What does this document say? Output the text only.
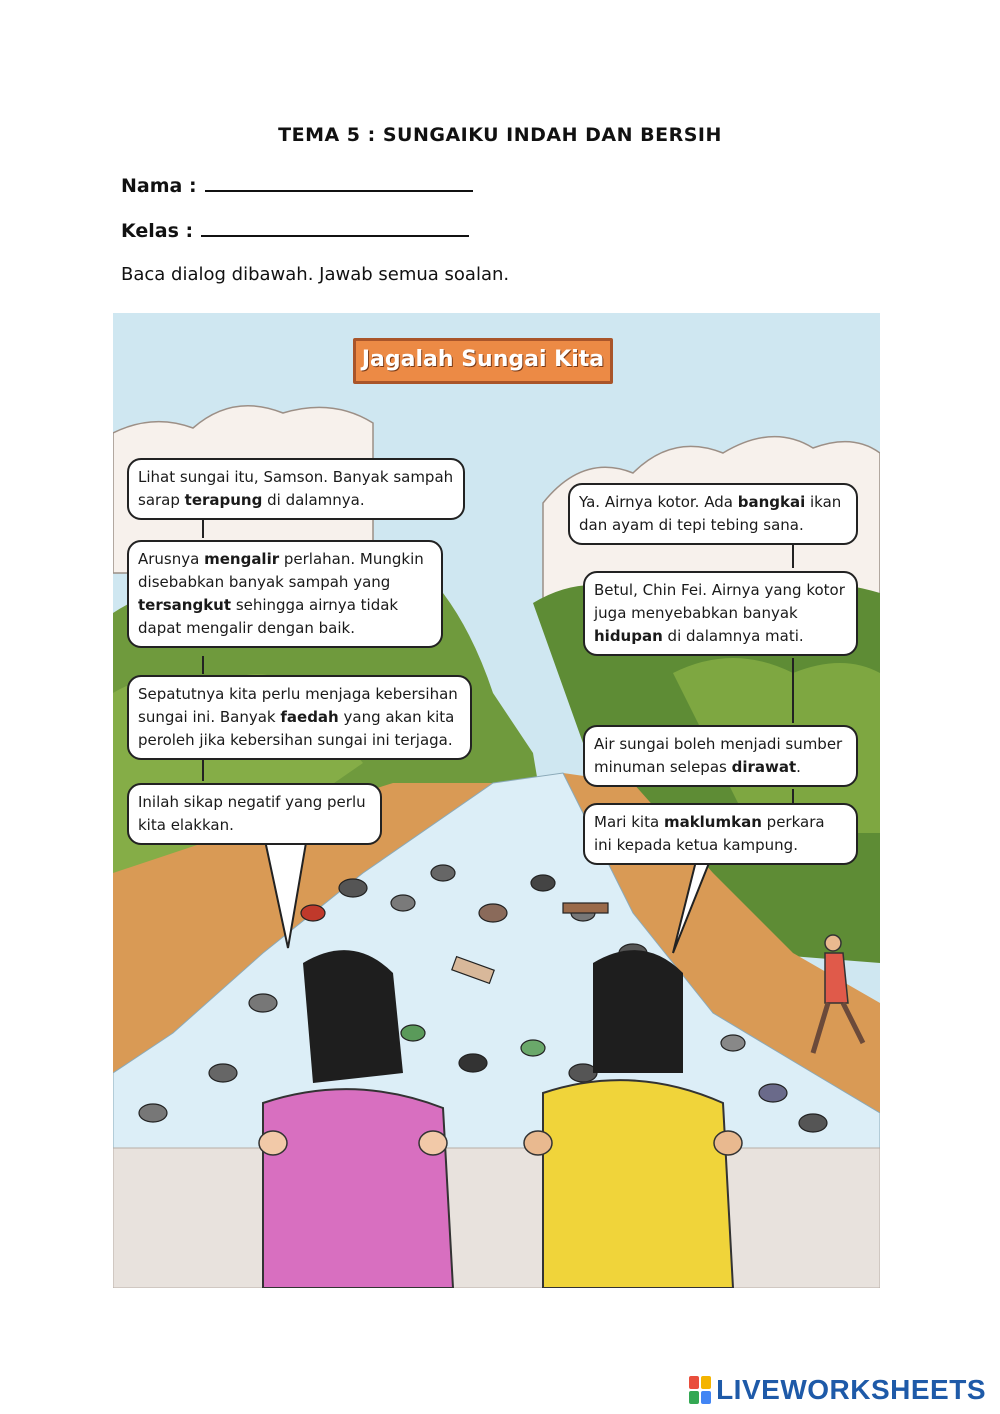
TEMA 5 : SUNGAIKU INDAH DAN BERSIH
Nama :
Kelas :
Baca dialog dibawah. Jawab semua soalan.
Jagalah Sungai Kita
Lihat sungai itu, Samson. Banyak sampah sarap terapung di dalamnya.	Ya. Airnya kotor. Ada bangkai ikan dan ayam di tepi tebing sana.
Arusnya mengalir perlahan. Mungkin disebabkan banyak sampah yang tersangkut sehingga airnya tidak dapat mengalir dengan baik.
Betul, Chin Fei. Airnya yang kotor juga menyebabkan banyak hidupan di dalamnya mati.
Sepatutnya kita perlu menjaga kebersihan sungai ini. Banyak faedah yang akan kita peroleh jika kebersihan sungai ini terjaga.	Air sungai boleh menjadi sumber minuman selepas dirawat.
Inilah sikap negatif yang perlu kita elakkan.	Mari kita maklumkan perkara ini kepada ketua kampung.
LIVEWORKSHEETS
